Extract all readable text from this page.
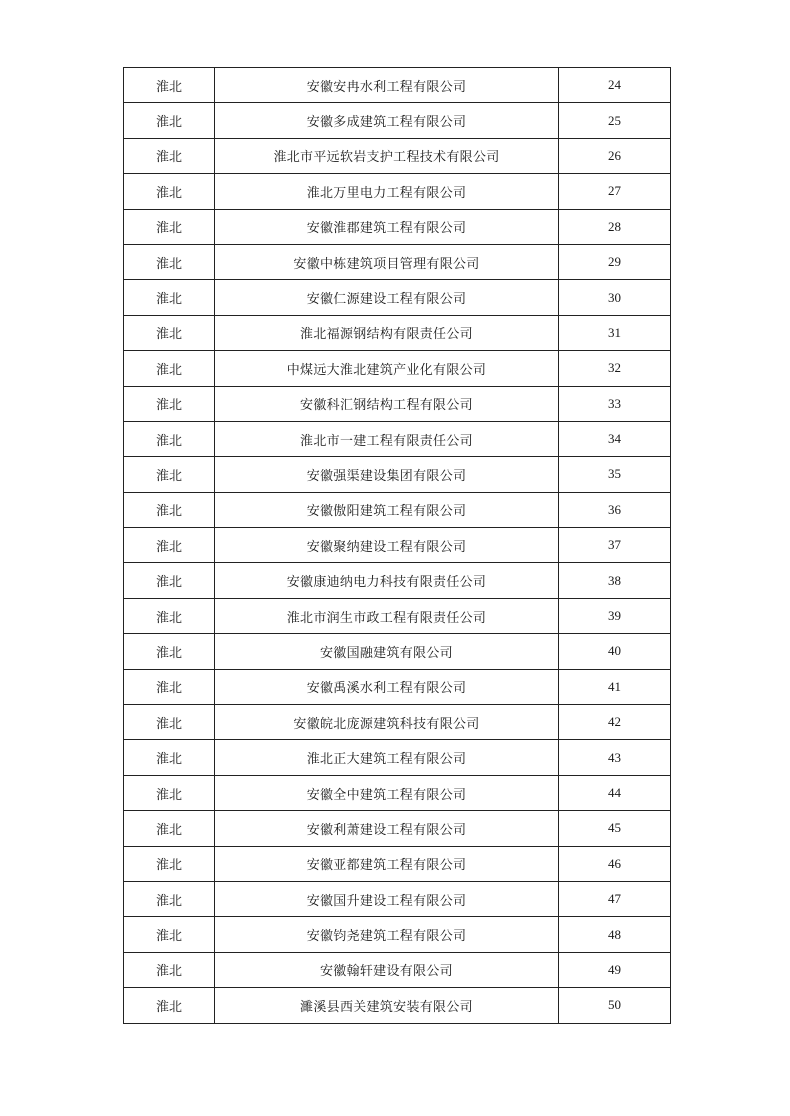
淮北	安徽安冉水利工程有限公司	24
淮北	安徽多成建筑工程有限公司	25
淮北	淮北市平远软岩支护工程技术有限公司	26
淮北	淮北万里电力工程有限公司	27
淮北	安徽淮郡建筑工程有限公司	28
淮北	安徽中栋建筑项目管理有限公司	29
淮北	安徽仁源建设工程有限公司	30
淮北	淮北福源钢结构有限责任公司	31
淮北	中煤远大淮北建筑产业化有限公司	32
淮北	安徽科汇钢结构工程有限公司	33
淮北	淮北市一建工程有限责任公司	34
淮北	安徽强渠建设集团有限公司	35
淮北	安徽傲阳建筑工程有限公司	36
淮北	安徽聚纳建设工程有限公司	37
淮北	安徽康迪纳电力科技有限责任公司	38
淮北	淮北市润生市政工程有限责任公司	39
淮北	安徽国融建筑有限公司	40
淮北	安徽禹溪水利工程有限公司	41
淮北	安徽皖北庞源建筑科技有限公司	42
淮北	淮北正大建筑工程有限公司	43
淮北	安徽全中建筑工程有限公司	44
淮北	安徽利萧建设工程有限公司	45
淮北	安徽亚都建筑工程有限公司	46
淮北	安徽国升建设工程有限公司	47
淮北	安徽钧尧建筑工程有限公司	48
淮北	安徽翰轩建设有限公司	49
淮北	濉溪县西关建筑安装有限公司	50
